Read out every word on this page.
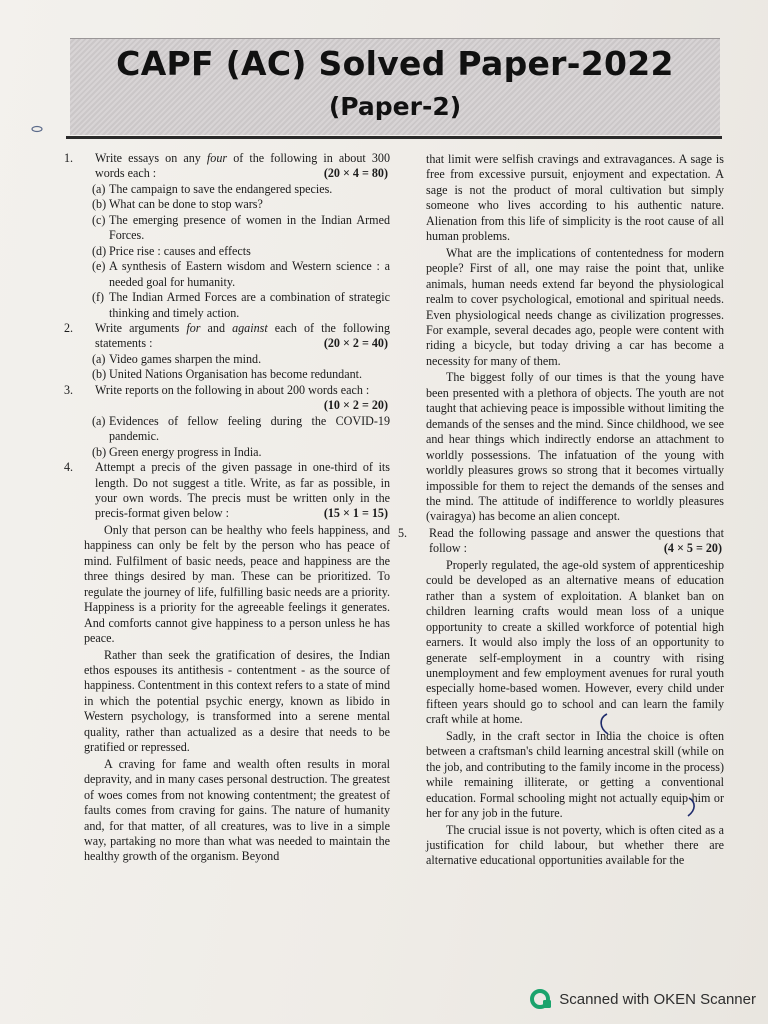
CAPF (AC) Solved Paper-2022
(Paper-2)
1. Write essays on any four of the following in about 300 words each :	(20 × 4 = 80)
(a) The campaign to save the endangered species.
(b) What can be done to stop wars?
(c) The emerging presence of women in the Indian Armed Forces.
(d) Price rise : causes and effects
(e) A synthesis of Eastern wisdom and Western science : a needed goal for humanity.
(f) The Indian Armed Forces are a combination of strategic thinking and timely action.
2. Write arguments for and against each of the following statements :	(20 × 2 = 40)
(a) Video games sharpen the mind.
(b) United Nations Organisation has become redundant.
3. Write reports on the following in about 200 words each :
(10 × 2 = 20)
(a) Evidences of fellow feeling during the COVID-19 pandemic.
(b) Green energy progress in India.
4. Attempt a precis of the given passage in one-third of its length. Do not suggest a title. Write, as far as possible, in your own words. The precis must be written only in the precis-format given below :	(15 × 1 = 15)
Only that person can be healthy who feels happiness, and happiness can only be felt by the person who has peace of mind. Fulfilment of basic needs, peace and happiness are the three things desired by man. These can be prioritized. To regulate the journey of life, fulfilling basic needs are a priority. Happiness is a priority for the agreeable feelings it generates. And comforts cannot give happiness to a person unless he has peace.
Rather than seek the gratification of desires, the Indian ethos espouses its antithesis - contentment - as the source of happiness. Contentment in this context refers to a state of mind in which the potential psychic energy, known as libido in Western psychology, is transformed into a serene mental quality, rather than actualized as a desire that needs to be gratified or repressed.
A craving for fame and wealth often results in moral depravity, and in many cases personal destruction. The greatest of woes comes from not knowing contentment; the greatest of faults comes from craving for gains. The nature of humanity and, for that matter, of all creatures, was to live in a simple way, partaking no more than what was needed to maintain the healthy growth of the organism. Beyond
that limit were selfish cravings and extravagances. A sage is free from excessive pursuit, enjoyment and expectation. A sage is not the product of moral cultivation but simply someone who lives according to his authentic nature. Alienation from this life of simplicity is the root cause of all human problems.
What are the implications of contentedness for modern people? First of all, one may raise the point that, unlike animals, human needs extend far beyond the physiological realm to cover psychological, emotional and spiritual needs. Even physiological needs change as civilization progresses. For example, several decades ago, people were content with riding a bicycle, but today driving a car has become a necessity for many of them.
The biggest folly of our times is that the young have been presented with a plethora of objects. The youth are not taught that achieving peace is impossible without limiting the demands of the senses and the mind. Since childhood, we see and hear things which indirectly endorse an attachment to worldly possessions. The infatuation of the young with worldly pleasures grows so strong that it becomes virtually impossible for them to reject the demands of the senses and the mind. The attitude of indifference to worldly pleasures (vairagya) has become an alien concept.
5. Read the following passage and answer the questions that follow :	(4 × 5 = 20)
Properly regulated, the age-old system of apprenticeship could be developed as an alternative means of education rather than a system of exploitation. A blanket ban on children learning crafts would mean loss of a unique opportunity to create a skilled workforce of potential high earners. It would also imply the loss of an opportunity to generate self-employment in a country with rising unemployment and few employment avenues for rural youth especially home-based women. However, every child under fifteen years should go to school and can learn the family craft while at home.
Sadly, in the craft sector in India the choice is often between a craftsman's child learning ancestral skill (while on the job, and contributing to the family income in the process) while remaining illiterate, or getting a conventional education. Formal schooling might not actually equip him or her for any job in the future.
The crucial issue is not poverty, which is often cited as a justification for child labour, but whether there are alternative educational opportunities available for the
Scanned with OKEN Scanner
